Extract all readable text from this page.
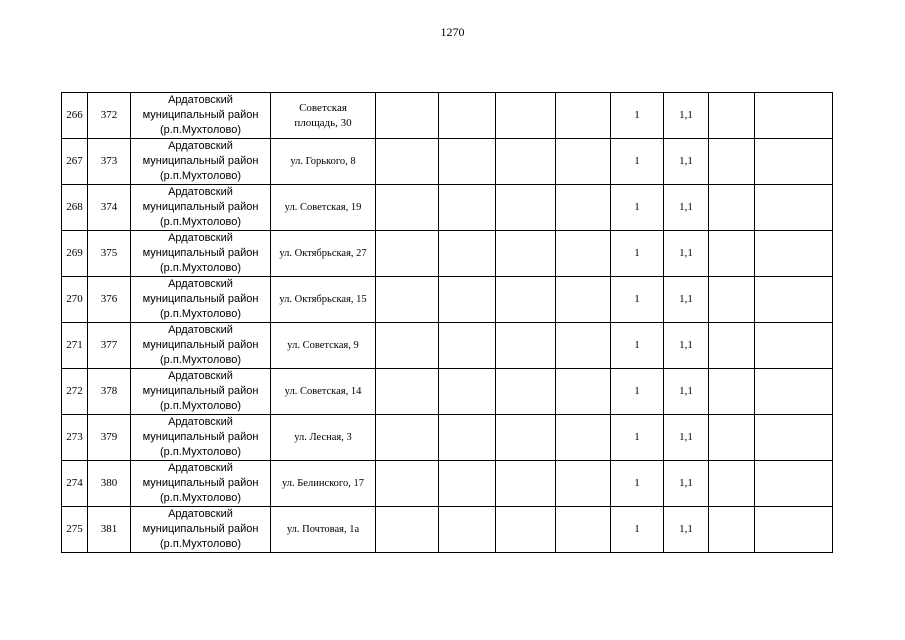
1270
266	372	Ардатовский
муниципальный район
(р.п.Мухтолово)	Советская
площадь, 30					1	1,1		
267	373	Ардатовский
муниципальный район
(р.п.Мухтолово)	ул. Горького, 8					1	1,1		
268	374	Ардатовский
муниципальный район
(р.п.Мухтолово)	ул. Советская, 19					1	1,1		
269	375	Ардатовский
муниципальный район
(р.п.Мухтолово)	ул. Октябрьская, 27					1	1,1		
270	376	Ардатовский
муниципальный район
(р.п.Мухтолово)	ул. Октябрьская, 15					1	1,1		
271	377	Ардатовский
муниципальный район
(р.п.Мухтолово)	ул. Советская, 9					1	1,1		
272	378	Ардатовский
муниципальный район
(р.п.Мухтолово)	ул. Советская, 14					1	1,1		
273	379	Ардатовский
муниципальный район
(р.п.Мухтолово)	ул. Лесная, 3					1	1,1		
274	380	Ардатовский
муниципальный район
(р.п.Мухтолово)	ул. Белинского, 17					1	1,1		
275	381	Ардатовский
муниципальный район
(р.п.Мухтолово)	ул. Почтовая, 1а					1	1,1		
